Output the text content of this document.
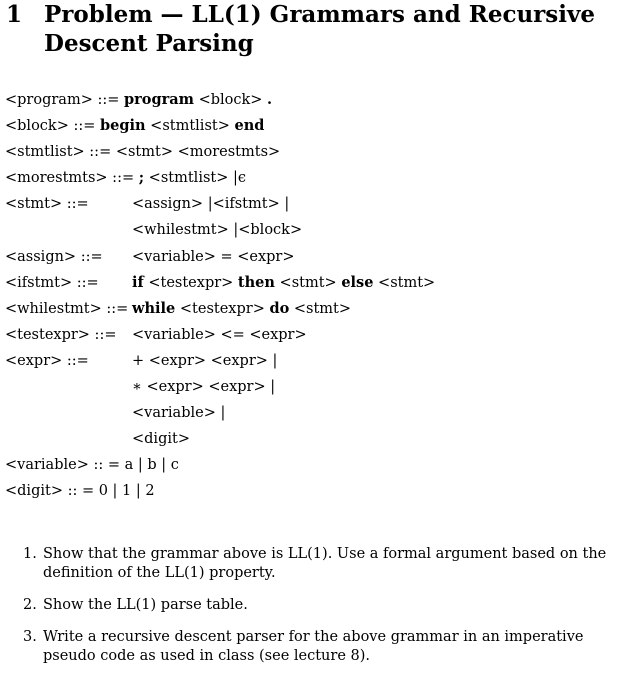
1 Problem — LL(1) Grammars and Recursive Descent Parsing
<program> ::= program <block> .
<block> ::= begin <stmtlist> end
<stmtlist> ::= <stmt> <morestmts>
<morestmts> ::= ; <stmtlist> |ϵ
<stmt> ::=	<assign> |<ifstmt> |
<whilestmt> |<block>
<assign> ::= <variable> = <expr>
<ifstmt> ::= if <testexpr> then <stmt> else <stmt>
<whilestmt> ::= while <testexpr> do <stmt>
<testexpr> ::= <variable> <= <expr>
<expr> ::=	+ <expr> <expr> |
∗ <expr> <expr> |
<variable> |
<digit>
<variable> :: = a | b | c
<digit> :: = 0 | 1 | 2
1. Show that the grammar above is LL(1). Use a formal argument based on the definition of the LL(1) property.
2. Show the LL(1) parse table.
3. Write a recursive descent parser for the above grammar in an imperative pseudo code as used in class (see lecture 8).
